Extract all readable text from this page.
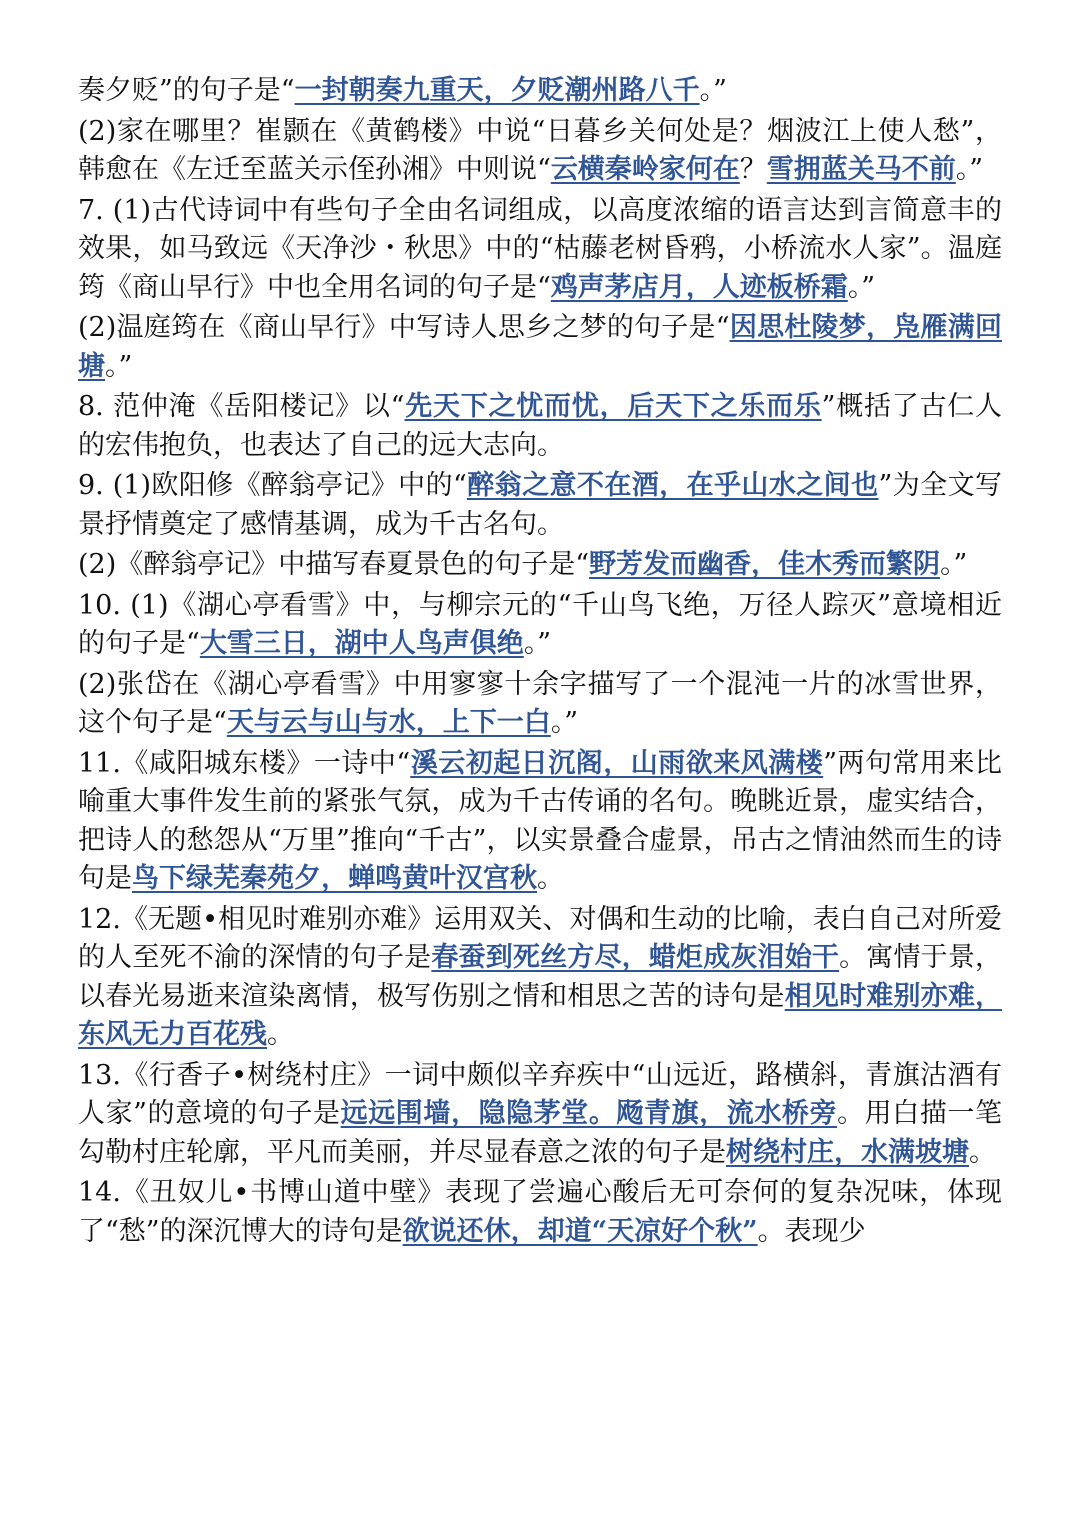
奏夕贬”的句子是“一封朝奏九重天，夕贬潮州路八千。”

(2)家在哪里？崔颢在《黄鹤楼》中说“日暮乡关何处是？烟波江上使人愁”，韩愈在《左迁至蓝关示侄孙湘》中则说“云横秦岭家何在？雪拥蓝关马不前。”

7. (1)古代诗词中有些句子全由名词组成，以高度浓缩的语言达到言简意丰的效果，如马致远《天净沙・秋思》中的“枯藤老树昏鸦，小桥流水人家”。温庭筠《商山早行》中也全用名词的句子是“鸡声茅店月，人迹板桥霜。”

(2)温庭筠在《商山早行》中写诗人思乡之梦的句子是“因思杜陵梦，凫雁满回塘。”

8. 范仲淹《岳阳楼记》以“先天下之忧而忧，后天下之乐而乐”概括了古仁人的宏伟抱负，也表达了自己的远大志向。

9. (1)欧阳修《醉翁亭记》中的“醉翁之意不在酒，在乎山水之间也”为全文写景抒情奠定了感情基调，成为千古名句。

(2)《醉翁亭记》中描写春夏景色的句子是“野芳发而幽香，佳木秀而繁阴。”

10. (1)《湖心亭看雪》中，与柳宗元的“千山鸟飞绝，万径人踪灭”意境相近的句子是“大雪三日，湖中人鸟声俱绝。”

(2)张岱在《湖心亭看雪》中用寥寥十余字描写了一个混沌一片的冰雪世界，这个句子是“天与云与山与水，上下一白。”

11.《咸阳城东楼》一诗中“溪云初起日沉阁，山雨欲来风满楼”两句常用来比喻重大事件发生前的紧张气氛，成为千古传诵的名句。晚眺近景，虚实结合，把诗人的愁怨从“万里”推向“千古”，以实景叠合虚景，吊古之情油然而生的诗句是鸟下绿芜秦苑夕，蝉鸣黄叶汉宫秋。

12.《无题•相见时难别亦难》运用双关、对偶和生动的比喻，表白自己对所爱的人至死不渝的深情的句子是春蚕到死丝方尽，蜡炬成灰泪始干。寓情于景，以春光易逝来渲染离情，极写伤别之情和相思之苦的诗句是相见时难别亦难，东风无力百花残。

13.《行香子•树绕村庄》一词中颇似辛弃疾中“山远近，路横斜，青旗沽酒有人家”的意境的句子是远远围墙，隐隐茅堂。飏青旗，流水桥旁。用白描一笔勾勒村庄轮廓，平凡而美丽，并尽显春意之浓的句子是树绕村庄，水满坡塘。

14.《丑奴儿•书博山道中壁》表现了尝遍心酸后无可奈何的复杂况味，体现了“愁”的深沉博大的诗句是欲说还休，却道“天凉好个秋”。表现少
